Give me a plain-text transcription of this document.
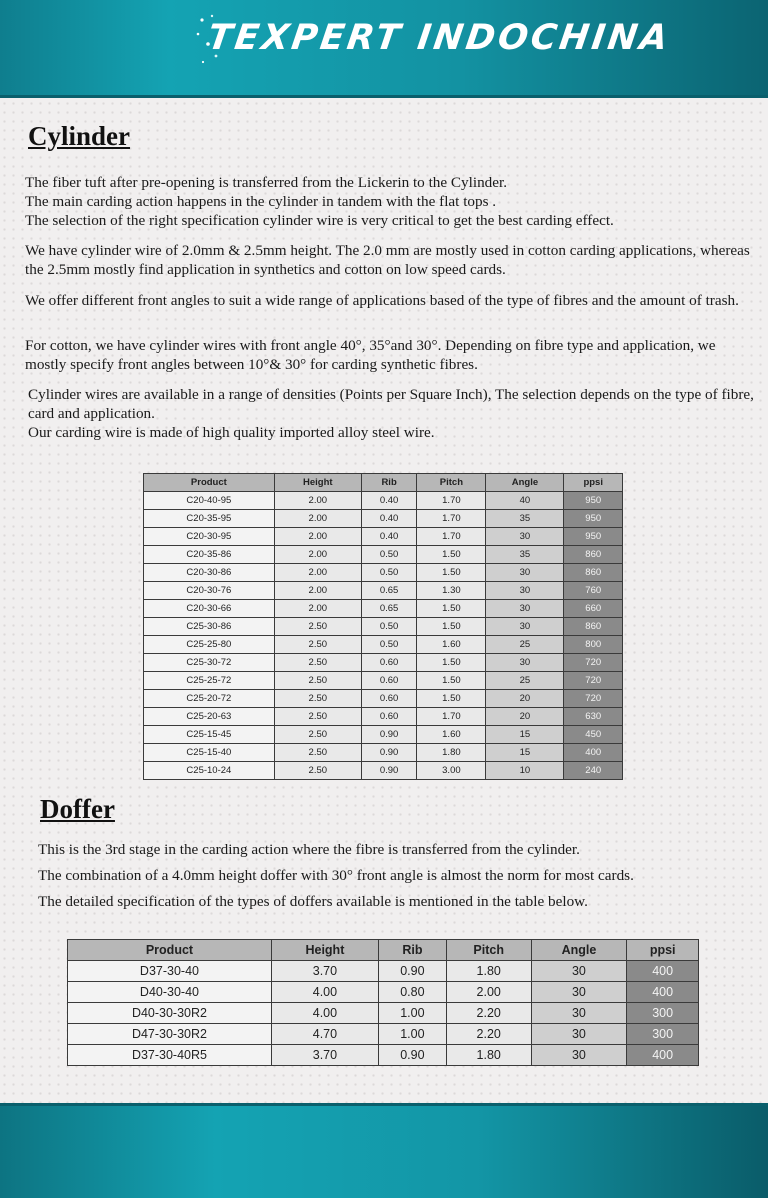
TEXPERT INDOCHINA
Cylinder

The fiber tuft after pre-opening is transferred from the Lickerin to the Cylinder.

The main carding action happens in the cylinder in tandem with the flat tops .

The selection of the right specification cylinder wire is very critical to get the best carding effect.

We have cylinder wire of 2.0mm & 2.5mm height. The 2.0 mm are mostly used in cotton carding applications, whereas the 2.5mm mostly find application in synthetics and cotton on low speed cards.

We offer different front angles to suit a wide range of applications based of the type of fibres and the amount of trash.

For cotton, we have cylinder wires with front angle 40°, 35°and 30°. Depending on fibre type and application, we mostly specify front angles between 10°& 30° for carding synthetic fibres.

Cylinder wires are available in a range of densities (Points per Square Inch), The selection depends on the type of fibre, card and application.

Our carding wire is made of high quality imported alloy steel wire.

Product	Height	Rib	Pitch	Angle	ppsi
C20-40-95	2.00	0.40	1.70	40	950
C20-35-95	2.00	0.40	1.70	35	950
C20-30-95	2.00	0.40	1.70	30	950
C20-35-86	2.00	0.50	1.50	35	860
C20-30-86	2.00	0.50	1.50	30	860
C20-30-76	2.00	0.65	1.30	30	760
C20-30-66	2.00	0.65	1.50	30	660
C25-30-86	2.50	0.50	1.50	30	860
C25-25-80	2.50	0.50	1.60	25	800
C25-30-72	2.50	0.60	1.50	30	720
C25-25-72	2.50	0.60	1.50	25	720
C25-20-72	2.50	0.60	1.50	20	720
C25-20-63	2.50	0.60	1.70	20	630
C25-15-45	2.50	0.90	1.60	15	450
C25-15-40	2.50	0.90	1.80	15	400
C25-10-24	2.50	0.90	3.00	10	240
Doffer

This is the 3rd stage in the carding action where the fibre is transferred from the cylinder.

The combination of a 4.0mm height doffer with 30° front angle is almost the norm for most cards.

The detailed specification of the types of doffers available is mentioned in the table below.

Product	Height	Rib	Pitch	Angle	ppsi
D37-30-40	3.70	0.90	1.80	30	400
D40-30-40	4.00	0.80	2.00	30	400
D40-30-30R2	4.00	1.00	2.20	30	300
D47-30-30R2	4.70	1.00	2.20	30	300
D37-30-40R5	3.70	0.90	1.80	30	400
